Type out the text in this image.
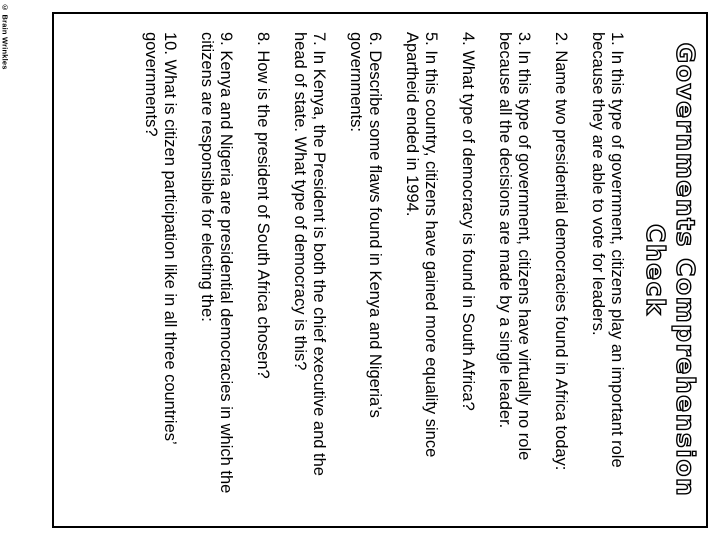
© Brain Wrinkles
Governments Comprehension Check
1. In this type of government, citizens play an important role because they are able to vote for leaders.
2. Name two presidential democracies found in Africa today:
3. In this type of government, citizens have virtually no role because all the decisions are made by a single leader.
4. What type of democracy is found in South Africa?
5. In this country, citizens have gained more equality since Apartheid ended in 1994.
6. Describe some flaws found in Kenya and Nigeria’s governments:
7. In Kenya, the President is both the chief executive and the head of state. What type of democracy is this?
8. How is the president of South Africa chosen?
9. Kenya and Nigeria are presidential democracies in which the citizens are responsible for electing the:
10. What is citizen participation like in all three countries’ governments?
